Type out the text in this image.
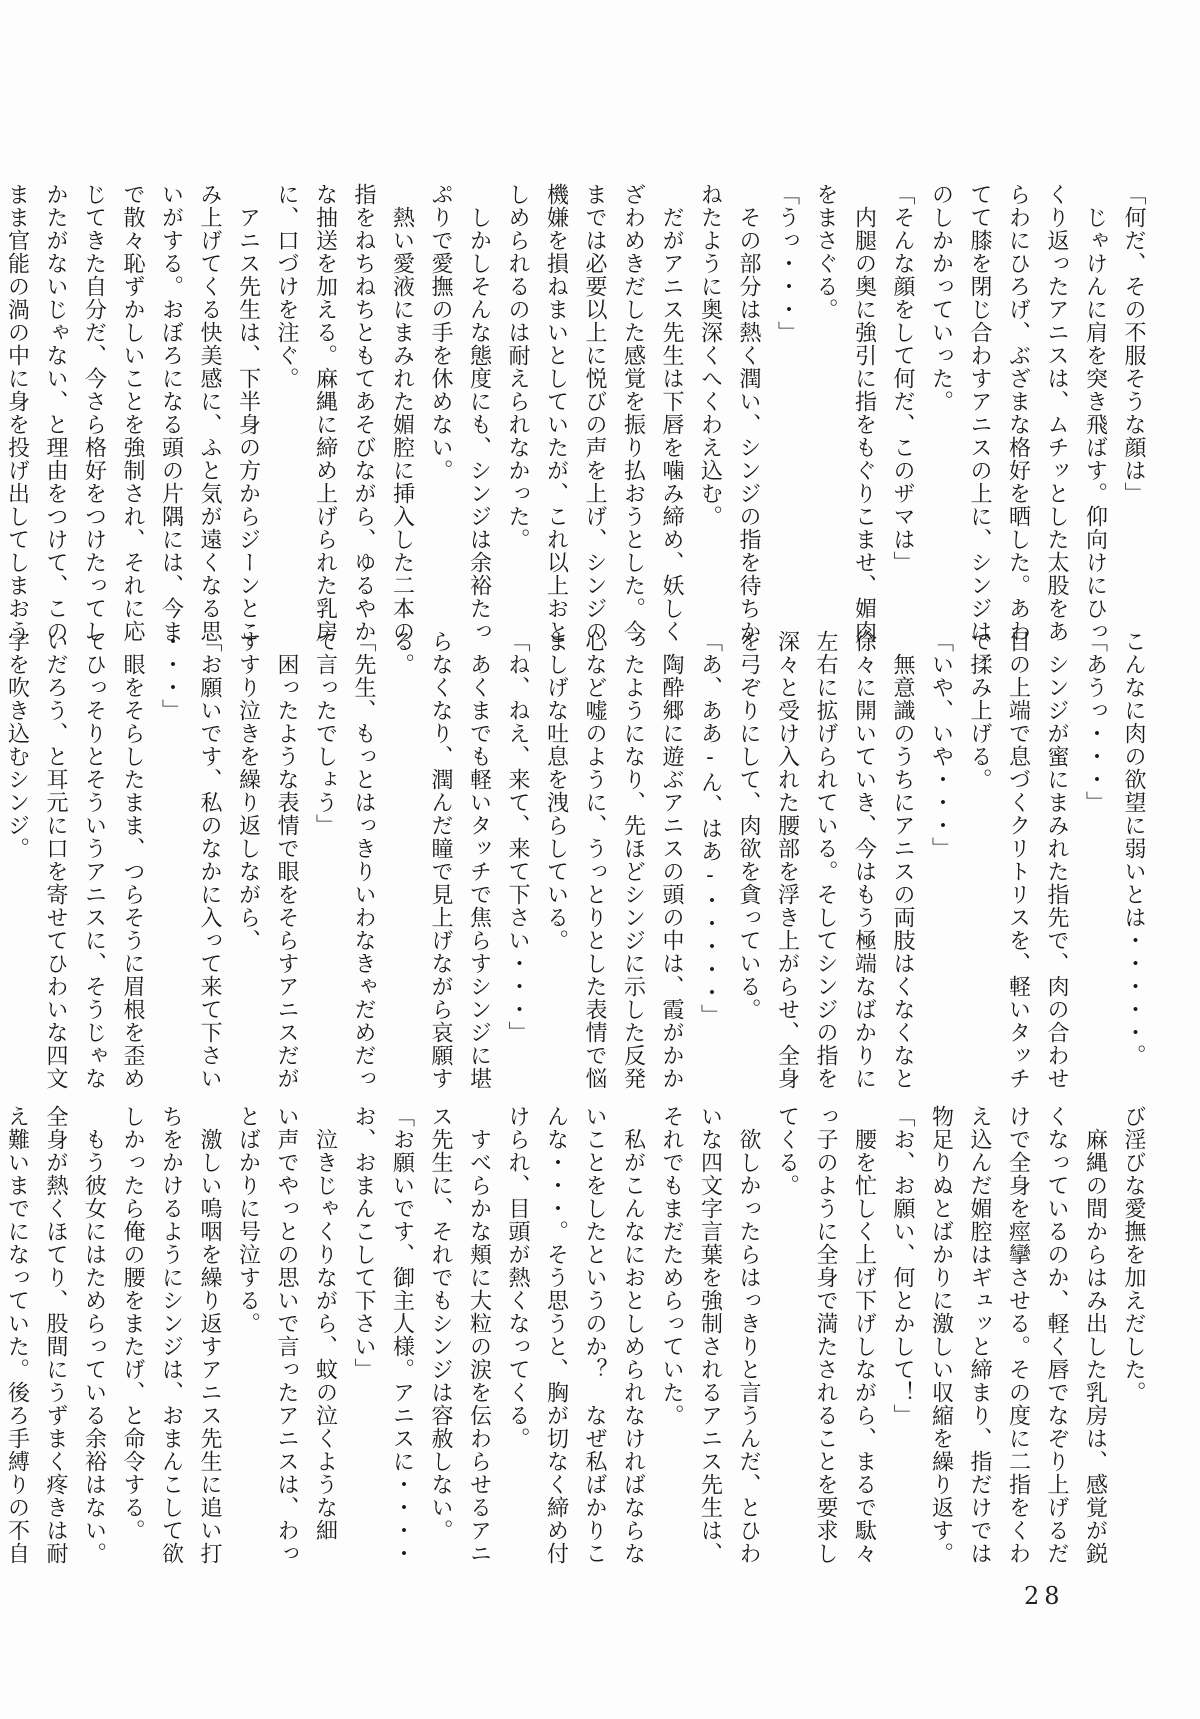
「何だ、その不服そうな顔は」

　じゃけんに肩を突き飛ばす。仰向けにひっ

くり返ったアニスは、ムチッとした太股をあ

らわにひろげ、ぶざまな格好を晒した。あわ

てて膝を閉じ合わすアニスの上に、シンジは

のしかかっていった。

「そんな顔をして何だ、このザマは」

　内腿の奥に強引に指をもぐりこませ、媚肉

をまさぐる。

「うっ・・・」

　その部分は熱く潤い、シンジの指を待ちか

ねたように奥深くへくわえ込む。

　だがアニス先生は下唇を噛み締め、妖しく

ざわめきだした感覚を振り払おうとした。今

までは必要以上に悦びの声を上げ、シンジの

機嫌を損ねまいとしていたが、これ以上おと

しめられるのは耐えられなかった。

　しかしそんな態度にも、シンジは余裕たっ

ぷりで愛撫の手を休めない。

　熱い愛液にまみれた媚腔に挿入した二本の

指をねちねちともてあそびながら、ゆるやか

な抽送を加える。麻縄に締め上げられた乳房

に、口づけを注ぐ。

　アニス先生は、下半身の方からジーンとこ

み上げてくる快美感に、ふと気が遠くなる思

いがする。おぼろになる頭の片隅には、今ま

で散々恥ずかしいことを強制され、それに応

じてきた自分だ、今さら格好をつけたってし

かたがないじゃない、と理由をつけて、この

まま官能の渦の中に身を投げ出してしまおう

こんなに肉の欲望に弱いとは・・・・・。

「あうっ・・・」

　シンジが蜜にまみれた指先で、肉の合わせ

目の上端で息づくクリトリスを、軽いタッチ

で揉み上げる。

「いや、いや・・・」

　無意識のうちにアニスの両肢はくなくなと

徐々に開いていき、今はもう極端なばかりに

左右に拡げられている。そしてシンジの指を

深々と受け入れた腰部を浮き上がらせ、全身

を弓ぞりにして、肉欲を貪っている。

「あ、ああ-ん、はあ-・・・・・」

　陶酔郷に遊ぶアニスの頭の中は、霞がかか

ったようになり、先ほどシンジに示した反発

心など嘘のように、うっとりとした表情で悩

ましげな吐息を洩らしている。

「ね、ねえ、来て、来て下さい・・・」

　あくまでも軽いタッチで焦らすシンジに堪

らなくなり、潤んだ瞳で見上げながら哀願す

る。

「先生、もっとはっきりいわなきゃだめだっ

て言ったでしょう」

　困ったような表情で眼をそらすアニスだが

すすり泣きを繰り返しながら、

「お願いです、私のなかに入って来て下さい

・・・」

　眼をそらしたまま、つらそうに眉根を歪め

てひっそりとそういうアニスに、そうじゃな

いだろう、と耳元に口を寄せてひわいな四文

字を吹き込むシンジ。

び淫びな愛撫を加えだした。

　麻縄の間からはみ出した乳房は、感覚が鋭

くなっているのか、軽く唇でなぞり上げるだ

けで全身を痙攣させる。その度に二指をくわ

え込んだ媚腔はギュッと締まり、指だけでは

物足りぬとばかりに激しい収縮を繰り返す。

「お、お願い、何とかして！」

　腰を忙しく上げ下げしながら、まるで駄々

っ子のように全身で満たされることを要求し

てくる。

　欲しかったらはっきりと言うんだ、とひわ

いな四文字言葉を強制されるアニス先生は、

それでもまだためらっていた。

　私がこんなにおとしめられなければならな

いことをしたというのか？　なぜ私ばかりこ

んな・・・。そう思うと、胸が切なく締め付

けられ、目頭が熱くなってくる。

　すべらかな頬に大粒の涙を伝わらせるアニ

ス先生に、それでもシンジは容赦しない。

「お願いです、御主人様。アニスに・・・・

お、おまんこして下さい」

　泣きじゃくりながら、蚊の泣くような細

い声でやっとの思いで言ったアニスは、わっ

とばかりに号泣する。

　激しい嗚咽を繰り返すアニス先生に追い打

ちをかけるようにシンジは、おまんこして欲

しかったら俺の腰をまたげ、と命令する。

　もう彼女にはためらっている余裕はない。

全身が熱くほてり、股間にうずまく疼きは耐

え難いまでになっていた。後ろ手縛りの不自

28
